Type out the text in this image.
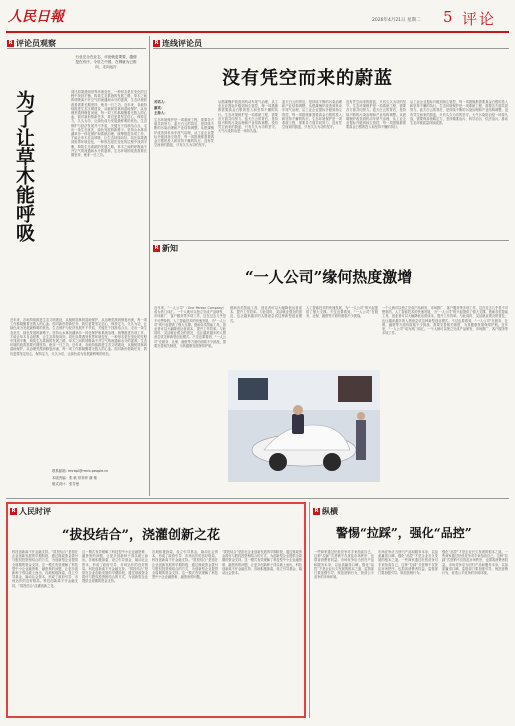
人民日報	2026年4月21日 星期二 5 评论
R 评论员观察
行业完全在业态、评论就更要要，越便是在有序，今后之中国，在网就为已推向，走向运行
为了让草木能呼吸	同比如果遇到世界环境变化，一种形态是在变化的过程中找到平衡，构筑生态系统的发展之路。草木之间的呼吸离不开空气的流通和水分的滋养，生态环境的改善需要长期坚持，绝非一日之功。近年来，各地持续推进生态文明建设，从植树造林到湿地保护，从治理荒漠到修复河流，每一项工作都凝聚着无数人的心血。面对新形势新任务，我们更要坚定信心，保持定力，久久为功，让绿色成为发展最鲜明的底色。生态保护与经济发展并不矛盾，关键在于找准结合点，走出一条生态优先、绿色发展的新路子。坚持山水林田湖草沙一体化保护和系统治理，统筹推进各项工作，才能让草木自由呼吸，让生态持续向好。同比如果遇到世界环境变化，一种形态是在变化的过程中找到平衡，构筑生态系统的发展之路。草木之间的呼吸离不开空气的流通和水分的滋养，生态环境的改善需要长期坚持，绝非一日之功。
近年来，各地持续推进生态文明建设，从植树造林到湿地保护，从治理荒漠到修复河流，每一项工作都凝聚着无数人的心血。面对新形势新任务，我们更要坚定信心，保持定力，久久为功，让绿色成为发展最鲜明的底色。生态保护与经济发展并不矛盾，关键在于找准结合点，走出一条生态优先、绿色发展的新路子。坚持山水林田湖草沙一体化保护和系统治理，统筹推进各项工作，才能让草木自由呼吸，让生态持续向好。同比如果遇到世界环境变化，一种形态是在变化的过程中找到平衡，构筑生态系统的发展之路。草木之间的呼吸离不开空气的流通和水分的滋养，生态环境的改善需要长期坚持，绝非一日之功。近年来，各地持续推进生态文明建设，从植树造林到湿地保护，从治理荒漠到修复河流，每一项工作都凝聚着无数人的心血。面对新形势新任务，我们更要坚定信心，保持定力，久久为功，让绿色成为发展最鲜明的底色。
联系邮箱: rmrbpl@rmrb.people.cn
本版责编：张 帆 常菲菲 谢 敏
版式设计：张芳曼
R 连线评论员
没有凭空而来的蔚蓝
对话人：
嘉宾：
主持人：
生态环境保护是一项系统工程，需要各方面共同努力。蓝天白云的背后，是持续不断的污染治理和产业结构调整。从燃煤锅炉改造到机动车尾气治理，从工业企业提标升级到扬尘管控，每一项措施都需要真金白银的投入和坚持不懈的执行。没有凭空而来的蔚蓝，只有久久为功的坚守。
从燃煤锅炉改造到机动车尾气治理，从工业企业提标升级到扬尘管控，每一项措施都需要真金白银的投入和坚持不懈的执行。生态环境保护是一项系统工程，需要各方面共同努力。蓝天白云的背后，是持续不断的污染治理和产业结构调整。没有凭空而来的蔚蓝，只有久久为功的坚守。大气污染防治是一场持久战。
蓝天白云的背后，是持续不断的污染治理和产业结构调整。从燃煤锅炉改造到机动车尾气治理，从工业企业提标升级到扬尘管控，每一项措施都需要真金白银的投入和坚持不懈的执行。生态环境保护是一项系统工程，需要各方面共同努力。没有凭空而来的蔚蓝，只有久久为功的坚守。
没有凭空而来的蔚蓝，只有久久为功的坚守。生态环境保护是一项系统工程，需要各方面共同努力。蓝天白云的背后，是持续不断的污染治理和产业结构调整。从燃煤锅炉改造到机动车尾气治理，从工业企业提标升级到扬尘管控，每一项措施都需要真金白银的投入和坚持不懈的执行。
从工业企业提标升级到扬尘管控，每一项措施都需要真金白银的投入和坚持不懈的执行。生态环境保护是一项系统工程，需要各方面共同努力。蓝天白云的背后，是持续不断的污染治理和产业结构调整。没有凭空而来的蔚蓝，只有久久为功的坚守。大气污染防治是一场持久战，需要保持战略定力，坚持精准治污、科学治污、依法治污，推动生态环境质量持续改善。
R 新知
“一人公司”缘何热度激增
近年来，“一人公司”（One Person Company）成为热门词汇。一个人就可以独立完成产品研发、市场推广、客户服务等多项工作，这在过去几乎是不可想象的。人工智能技术的快速发展，为“一人公司”的兴起提供了强大支撑。借助各类智能工具，创业者可以大幅降低运营成本，提升工作效率。与此同时，灵活就业观念的普及，也让越来越多的人愿意尝试这种新型创业模式。不过也要看到，“一人公司”在税务、社保、融资等方面仍面临不少挑战，需要完善相关制度，为其健康发展保驾护航。
借助各类智能工具，创业者可以大幅降低运营成本，提升工作效率。与此同时，灵活就业观念的普及，也让越来越多的人愿意尝试这种新型创业模式。
人工智能技术的快速发展，为“一人公司”的兴起提供了强大支撑。不过也要看到，“一人公司”在税务、社保、融资等方面仍面临不少挑战。
一个人就可以独立完成产品研发、市场推广、客户服务等多项工作，这在过去几乎是不可想象的。人工智能技术的快速发展，为“一人公司”的兴起提供了强大支撑。借助各类智能工具，创业者可以大幅降低运营成本，提升工作效率。与此同时，灵活就业观念的普及，也让越来越多的人愿意尝试这种新型创业模式。不过也要看到，“一人公司”在税务、社保、融资等方面仍面临不少挑战，需要完善相关制度，为其健康发展保驾护航。近年来，“一人公司”成为热门词汇。一个人就可以独立完成产品研发、市场推广、客户服务等多项工作。
R 人民时评
“拔投结合”，浇灌创新之花
科技创新离不开金融支持。“拔投结合”是指在企业创新发展的早期阶段，通过财政资金拔付与股权投资相结合的方式，为创新型企业提供全周期的资金支持。这一模式有效缓解了科技型中小企业融资难、融资贵的问题，让更多创新种子得以破土而出。各地积极探索，设立引导基金，撬动社会资本，形成了政府引导、市场运作的良好格局。科技创新离不开金融支持，“拔投结合”浇灌创新之花。
这一模式有效缓解了科技型中小企业融资难、融资贵的问题，让更多创新种子得以破土而出。各地积极探索，设立引导基金，撬动社会资本，形成了政府引导、市场运作的良好格局。科技创新离不开金融支持。“拔投结合”是指在企业创新发展的早期阶段，通过财政资金拔付与股权投资相结合的方式，为创新型企业提供全周期的资金支持。
各地积极探索，设立引导基金，撬动社会资本，形成了政府引导、市场运作的良好格局。科技创新离不开金融支持。“拔投结合”是指在企业创新发展的早期阶段，通过财政资金拔付与股权投资相结合的方式，为创新型企业提供全周期的资金支持。这一模式有效缓解了科技型中小企业融资难、融资贵的问题。
“拔投结合”是指在企业创新发展的早期阶段，通过财政资金拔付与股权投资相结合的方式，为创新型企业提供全周期的资金支持。这一模式有效缓解了科技型中小企业融资难、融资贵的问题，让更多创新种子得以破土而出。科技创新离不开金融支持，各地积极探索，设立引导基金，撬动社会资本。
R 纵横
警惕“拉踩”，强化“品控”
一些商家通过贬低竞争对手来抬高自己，这种“拉踩”式营销不仅扰乱市场秩序，也损害消费者权益。市场竞争应当回归产品和服务本身，以品质赢得口碑。强化“品控”才是企业长久发展的根本之道。监管部门要加强引导，规范营销行为，营造公平竞争的市场环境。
市场竞争应当回归产品和服务本身，以品质赢得口碑。强化“品控”才是企业长久发展的根本之道。一些商家通过贬低竞争对手来抬高自己，这种“拉踩”式营销不仅扰乱市场秩序，也损害消费者权益。监管部门要加强引导，规范营销行为。
强化“品控”才是企业长久发展的根本之道。一些商家通过贬低竞争对手来抬高自己，这种“拉踩”式营销不仅扰乱市场秩序，也损害消费者权益。市场竞争应当回归产品和服务本身，以品质赢得口碑。监管部门要加强引导，规范营销行为，营造公平竞争的市场环境。
